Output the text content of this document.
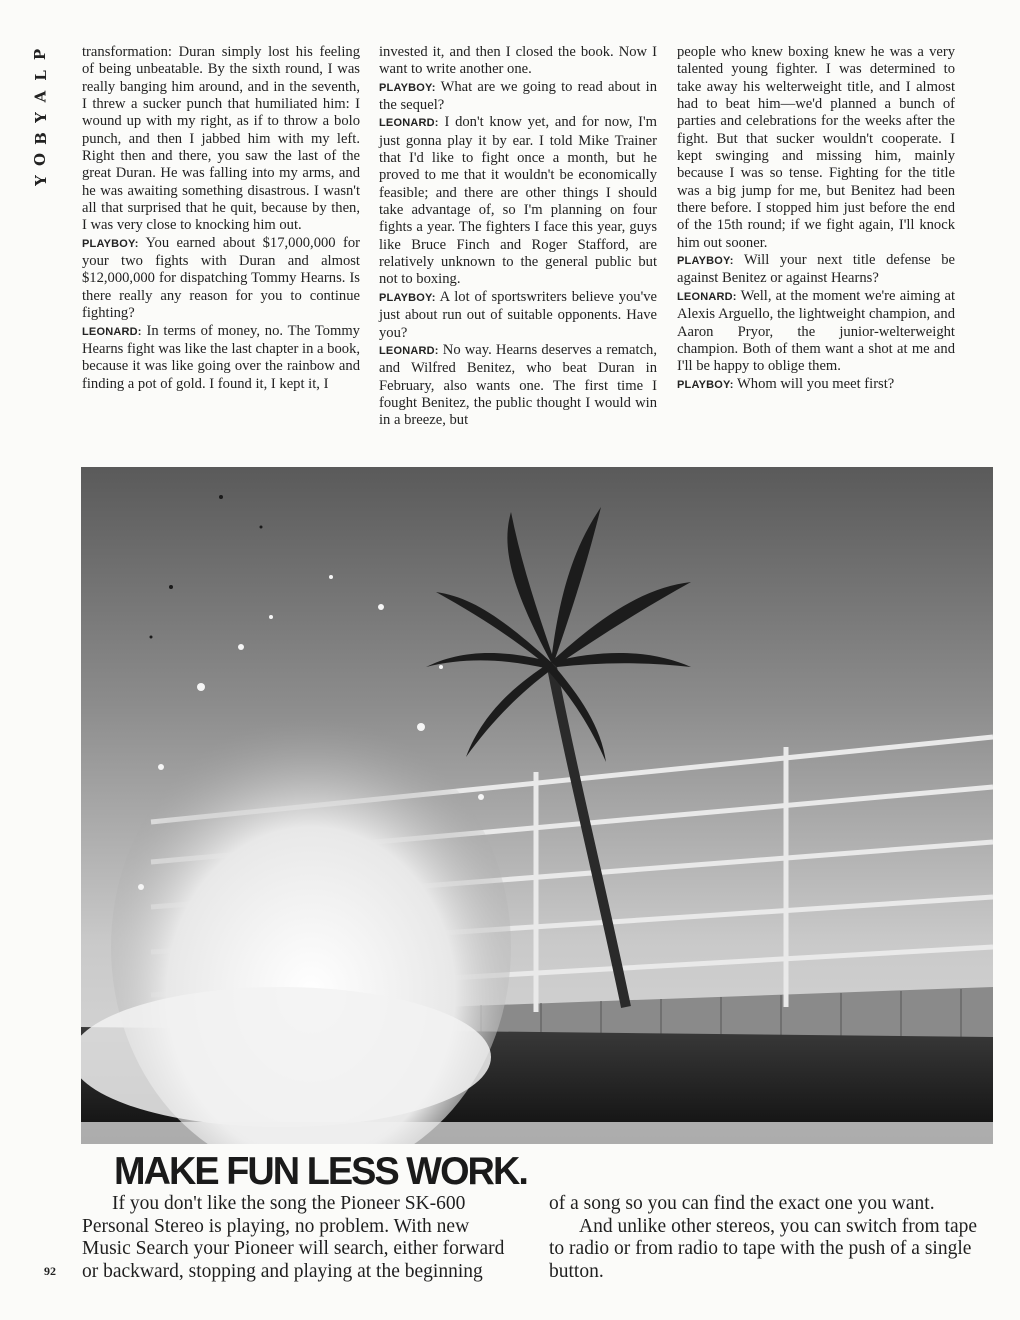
P
L
A
Y
B
O
Y

transformation: Duran simply lost his feeling of being unbeatable. By the sixth round, I was really banging him around, and in the seventh, I threw a sucker punch that humiliated him: I wound up with my right, as if to throw a bolo punch, and then I jabbed him with my left. Right then and there, you saw the last of the great Duran. He was falling into my arms, and he was awaiting something disastrous. I wasn't all that surprised that he quit, because by then, I was very close to knocking him out.

PLAYBOY: You earned about $17,000,000 for your two fights with Duran and almost $12,000,000 for dispatching Tommy Hearns. Is there really any reason for you to continue fighting?

LEONARD: In terms of money, no. The Tommy Hearns fight was like the last chapter in a book, because it was like going over the rainbow and finding a pot of gold. I found it, I kept it, I

invested it, and then I closed the book. Now I want to write another one.

PLAYBOY: What are we going to read about in the sequel?

LEONARD: I don't know yet, and for now, I'm just gonna play it by ear. I told Mike Trainer that I'd like to fight once a month, but he proved to me that it wouldn't be economically feasible; and there are other things I should take advantage of, so I'm planning on four fights a year. The fighters I face this year, guys like Bruce Finch and Roger Stafford, are relatively unknown to the general public but not to boxing.

PLAYBOY: A lot of sportswriters believe you've just about run out of suitable opponents. Have you?

LEONARD: No way. Hearns deserves a rematch, and Wilfred Benitez, who beat Duran in February, also wants one. The first time I fought Benitez, the public thought I would win in a breeze, but

people who knew boxing knew he was a very talented young fighter. I was determined to take away his welterweight title, and I almost had to beat him—we'd planned a bunch of parties and celebrations for the weeks after the fight. But that sucker wouldn't cooperate. I kept swinging and missing him, mainly because I was so tense. Fighting for the title was a big jump for me, but Benitez had been there before. I stopped him just before the end of the 15th round; if we fight again, I'll knock him out sooner.

PLAYBOY: Will your next title defense be against Benitez or against Hearns?

LEONARD: Well, at the moment we're aiming at Alexis Arguello, the lightweight champion, and Aaron Pryor, the junior-welterweight champion. Both of them want a shot at me and I'll be happy to oblige them.

PLAYBOY: Whom will you meet first?

MAKE FUN LESS WORK.

If you don't like the song the Pioneer SK-600 Personal Stereo is playing, no problem. With new Music Search your Pioneer will search, either forward or backward, stopping and playing at the beginning

of a song so you can find the exact one you want.

And unlike other stereos, you can switch from tape to radio or from radio to tape with the push of a single button.

92
